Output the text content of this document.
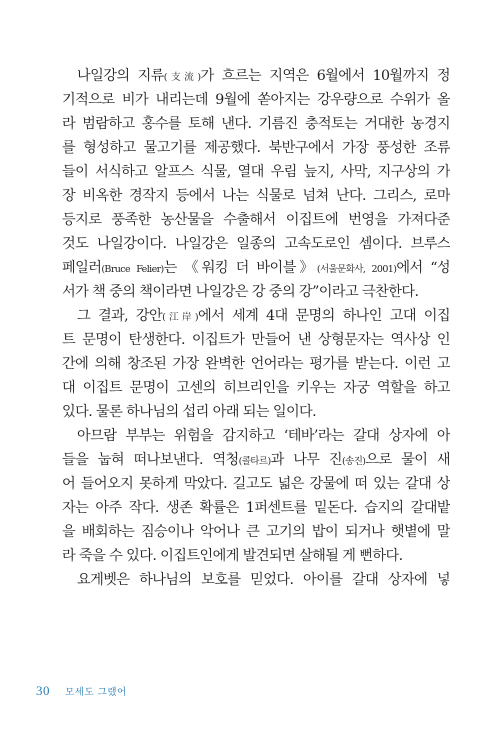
나일강의 지류(支流)가 흐르는 지역은 6월에서 10월까지 정
기적으로 비가 내리는데 9월에 쏟아지는 강우량으로 수위가 올
라 범람하고 홍수를 토해 낸다. 기름진 충적토는 거대한 농경지
를 형성하고 물고기를 제공했다. 북반구에서 가장 풍성한 조류
들이 서식하고 알프스 식물, 열대 우림 늪지, 사막, 지구상의 가
장 비옥한 경작지 등에서 나는 식물로 넘쳐 난다. 그리스, 로마
등지로 풍족한 농산물을 수출해서 이집트에 번영을 가져다준
것도 나일강이다. 나일강은 일종의 고속도로인 셈이다. 브루스
페일러(Bruce Felier)는 《워킹 더 바이블》(서울문화사, 2001)에서 “성
서가 책 중의 책이라면 나일강은 강 중의 강”이라고 극찬한다.
그 결과, 강안(江岸)에서 세계 4대 문명의 하나인 고대 이집
트 문명이 탄생한다. 이집트가 만들어 낸 상형문자는 역사상 인
간에 의해 창조된 가장 완벽한 언어라는 평가를 받는다. 이런 고
대 이집트 문명이 고센의 히브리인을 키우는 자궁 역할을 하고
있다. 물론 하나님의 섭리 아래 되는 일이다.
아므람 부부는 위험을 감지하고 ‘테바’라는 갈대 상자에 아
들을 눕혀 떠나보낸다. 역청(콜타르)과 나무 진(송진)으로 물이 새
어 들어오지 못하게 막았다. 길고도 넓은 강물에 떠 있는 갈대 상
자는 아주 작다. 생존 확률은 1퍼센트를 밑돈다. 습지의 갈대밭
을 배회하는 짐승이나 악어나 큰 고기의 밥이 되거나 햇볕에 말
라 죽을 수 있다. 이집트인에게 발견되면 살해될 게 뻔하다.
요게벳은 하나님의 보호를 믿었다. 아이를 갈대 상자에 넣
30 모세도 그랬어
